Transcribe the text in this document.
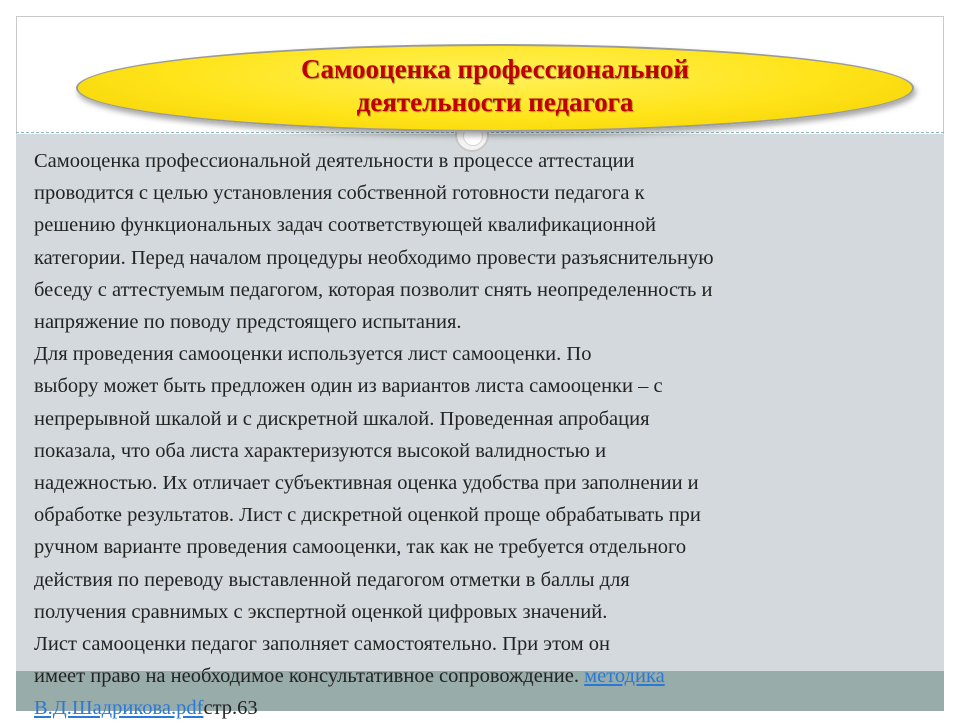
Самооценка профессиональной
деятельности педагога
Самооценка профессиональной деятельности в процессе аттестации
проводится с целью установления собственной готовности педагога к
решению функциональных задач соответствующей квалификационной
категории. Перед началом процедуры необходимо провести разъяснительную
беседу с аттестуемым педагогом, которая позволит снять неопределенность и
напряжение по поводу предстоящего испытания.
Для проведения самооценки используется лист самооценки. По
выбору может быть предложен один из вариантов листа самооценки – с
непрерывной шкалой и с дискретной шкалой. Проведенная апробация
показала, что оба листа характеризуются высокой валидностью и
надежностью. Их отличает субъективная оценка удобства при заполнении и
обработке результатов. Лист с дискретной оценкой проще обрабатывать при
ручном варианте проведения самооценки, так как не требуется отдельного
действия по переводу выставленной педагогом отметки в баллы для
получения сравнимых с экспертной оценкой цифровых значений.
Лист самооценки педагог заполняет самостоятельно. При этом он
имеет право на необходимое консультативное сопровождение. методика
В.Д.Шадрикова.pdfстр.63
